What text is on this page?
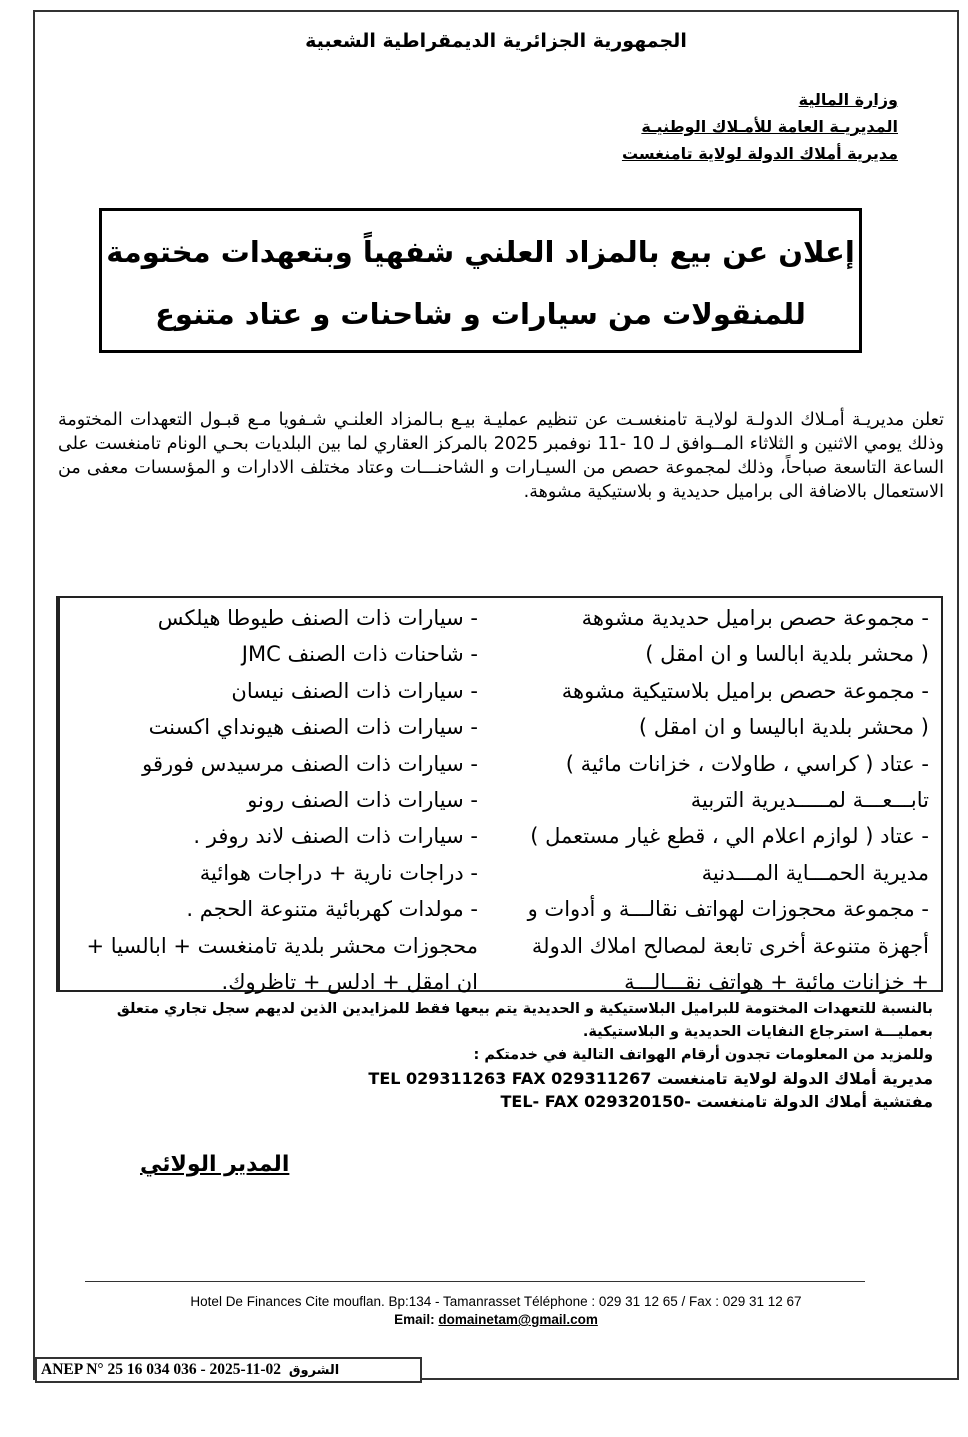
الجمهورية الجزائرية الديمقراطية الشعبية
وزارة المالية
المديريـة العامة للأمـلاك الوطنيـة
مديرية أملاك الدولة لولاية تامنغست
إعلان عن بيع بالمزاد العلني شفهياً وبتعهدات مختومة
للمنقولات من سيارات و شاحنات و عتاد متنوع
تعلن مديريـة أمـلاك الدولـة لولايـة تامنغسـت عن تنظيم عمليـة بيـع بـالمزاد العلنـي شـفويا مـع قبـول التعهدات المختومة وذلك يومي الاثنين و الثلاثاء المــوافق لـ 10 -11 نوفمبر 2025 بالمركز العقاري لما بين البلديات بحـي الونام تامنغست على الساعة التاسعة صباحاً، وذلك لمجموعة حصص من السيـارات و الشاحنـــات وعتاد مختلف الادارات و المؤسسات معفى من الاستعمال بالاضافة الى براميل حديدية و بلاستيكية مشوهة.
- سيارات ذات الصنف طيوطا هيلكس
- شاحنات ذات الصنف JMC
- سيارات ذات الصنف نيسان
- سيارات ذات الصنف هيونداي اكسنت
- سيارات ذات الصنف مرسيدس فورقو
- سيارات ذات الصنف رونو
- سيارات ذات الصنف لاند روفر .
- دراجات نارية + دراجات هوائية
- مولدات كهربائية متنوعة الحجم .
محجوزات محشر بلدية تامنغست + ابالسيا +
ان امقل + ادلس + تاظروك.
- مجموعة حصص براميل حديدية مشوهة
( محشر بلدية ابالسا و ان امقل )
- مجموعة حصص براميل بلاستيكية مشوهة
( محشر بلدية اباليسا و ان امقل )
- عتاد ( كراسي ، طاولات ، خزانات مائية )
تابـــعـــة لمـــــديرية التربية
- عتاد ( لوازم اعلام الي ، قطع غيار مستعمل )
مديرية الحمـــاية المـــدنية
- مجموعة محجوزات لهواتف نقالـــة و أدوات و
أجهزة متنوعة أخرى تابعة لمصالح املاك الدولة
+ خزانات مائية + هواتف نقـــالـــة
بالنسبة للتعهدات المختومة للبراميل البلاستيكية و الحديدية يتم بيعها فقط للمزايدين الذين لديهم سجل تجاري متعلق
بعمليـــة استرجاع النفايات الحديدية و البلاستيكية.
وللمزيد من المعلومات تجدون أرقام الهواتف التالية في خدمتكم :
مديرية أملاك الدولة لولاية تامنغست TEL 029311263 FAX 029311267
مفتشية أملاك الدولة تامنغست TEL- FAX 029320150-
المدير الولائي
Hotel De Finances Cite mouflan. Bp:134 - Tamanrasset Téléphone : 029 31 12 65 / Fax : 029 31 12 67
Email: domainetam@gmail.com
ANEP N° 25 16 034 036 - 2025-11-02 الشروق
